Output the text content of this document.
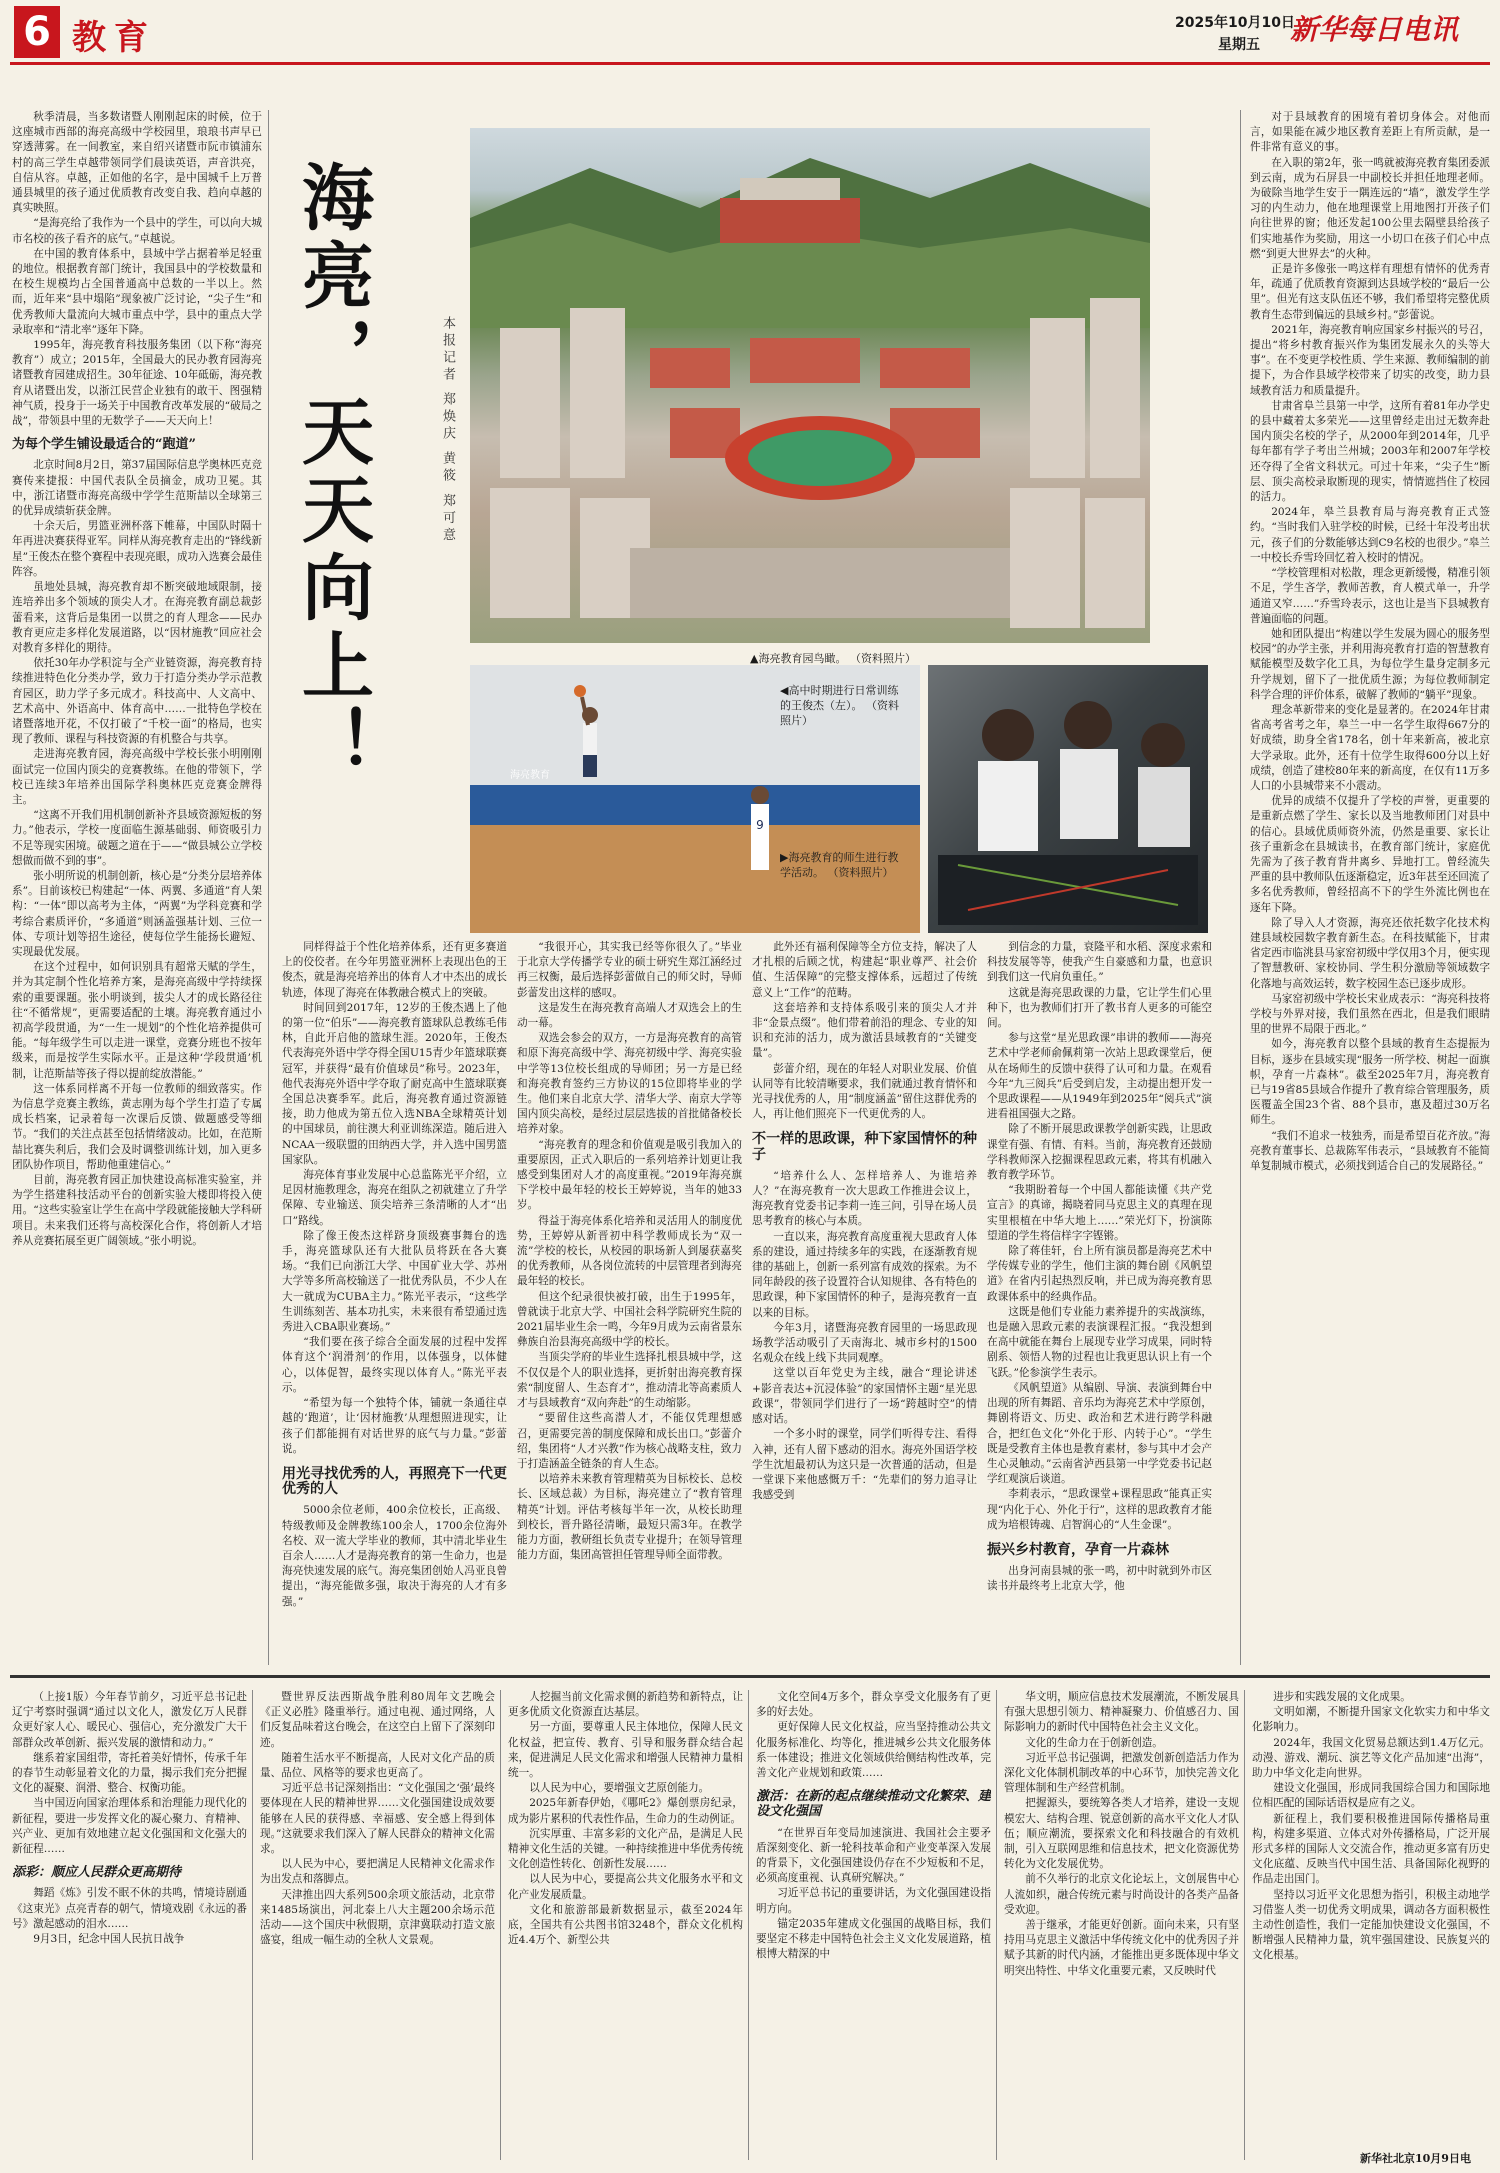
6 教育	2025年10月10日
星期五 新华每日电讯
海亮，天天向上！	本报记者 郑焕庆 黄筱 郑可意

秋季清晨，当多数诸暨人刚刚起床的时候，位于这座城市西部的海亮高级中学校园里，琅琅书声早已穿透薄雾。在一间教室，来自绍兴诸暨市阮市镇浦东村的高三学生卓越带领同学们晨读英语，声音洪亮，自信从容。卓越，正如他的名字，是中国城千上万普通县城里的孩子通过优质教育改变自我、趋向卓越的真实映照。

“是海亮给了我作为一个县中的学生，可以向大城市名校的孩子看齐的底气。”卓越说。

在中国的教育体系中，县域中学占据着举足轻重的地位。根据教育部门统计，我国县中的学校数量和在校生规模均占全国普通高中总数的一半以上。然而，近年来“县中塌陷”现象被广泛讨论，“尖子生”和优秀教师大量流向大城市重点中学，县中的重点大学录取率和“清北率”逐年下降。

1995年，海亮教育科技服务集团（以下称“海亮教育”）成立；2015年，全国最大的民办教育园海亮诸暨教育园建成招生。30年征途、10年砥砺，海亮教育从诸暨出发，以浙江民营企业独有的敢干、图强精神气质，投身于一场关于中国教育改革发展的“破局之战”，带领县中里的无数学子——天天向上！

为每个学生铺设最适合的“跑道”

北京时间8月2日，第37届国际信息学奥林匹克竞赛传来捷报：中国代表队全员摘金，成功卫冕。其中，浙江诸暨市海亮高级中学学生范斯喆以全球第三的优异成绩斩获金牌。

十余天后，男篮亚洲杯落下帷幕，中国队时隔十年再进决赛获得亚军。同样从海亮教育走出的“锋线新星”王俊杰在整个赛程中表现亮眼，成功入选赛会最佳阵容。

虽地处县城，海亮教育却不断突破地域限制，接连培养出多个领域的顶尖人才。在海亮教育副总裁彭蕾看来，这背后是集团一以贯之的育人理念——民办教育更应走多样化发展道路，以“因材施教”回应社会对教育多样化的期待。

依托30年办学积淀与全产业链资源，海亮教育持续推进特色化分类办学，致力于打造分类办学示范教育园区，助力学子多元成才。科技高中、人文高中、艺术高中、外语高中、体育高中……一批特色学校在诸暨落地开花，不仅打破了“千校一面”的格局，也实现了教师、课程与科技资源的有机整合与共享。

走进海亮教育园，海亮高级中学校长张小明刚刚面试完一位国内顶尖的竞赛教练。在他的带领下，学校已连续3年培养出国际学科奥林匹克竞赛金牌得主。

“这离不开我们用机制创新补齐县域资源短板的努力。”他表示，学校一度面临生源基础弱、师资吸引力不足等现实困境。破题之道在于——“做县城公立学校想做而做不到的事”。

张小明所说的机制创新，核心是“分类分层培养体系”。目前该校已构建起“一体、两翼、多通道”育人架构：“一体”即以高考为主体，“两翼”为学科竞赛和学考综合素质评价，“多通道”则涵盖强基计划、三位一体、专项计划等招生途径，使每位学生能扬长避短、实现最优发展。

在这个过程中，如何识别具有超常天赋的学生，并为其定制个性化培养方案，是海亮高级中学持续探索的重要课题。张小明谈到，拔尖人才的成长路径往往“不循常规”，更需要适配的土壤。海亮教育通过小初高学段贯通，为“一生一规划”的个性化培养提供可能。“每年级学生可以走进一课堂，竞赛分班也不按年级来，而是按学生实际水平。正是这种‘学段贯通’机制，让范斯喆等孩子得以提前绽放潜能。”

这一体系同样离不开每一位教师的细致落实。作为信息学竞赛主教练，黄志刚为每个学生打造了专属成长档案，记录着每一次课后反馈、做题感受等细节。“我们的关注点甚至包括情绪波动。比如，在范斯喆比赛失利后，我们会及时调整训练计划，加入更多团队协作项目，帮助他重建信心。”

目前，海亮教育园正加快建设高标准实验室，并为学生搭建科技活动平台的创新实验大楼即将投入使用。“这些实验室让学生在高中学段就能接触大学科研项目。未来我们还将与高校深化合作，将创新人才培养从竞赛拓展至更广阔领域。”张小明说。

▲海亮教育园鸟瞰。 （资料照片）
9
海亮教育
◀高中时期进行日常训练的王俊杰（左）。 （资料照片）
▶海亮教育的师生进行教学活动。 （资料照片）

同样得益于个性化培养体系，还有更多赛道上的佼佼者。在今年男篮亚洲杯上表现出色的王俊杰，就是海亮培养出的体育人才中杰出的成长轨迹，体现了海亮在体教融合模式上的突破。

时间回到2017年，12岁的王俊杰遇上了他的第一位“伯乐”——海亮教育篮球队总教练毛伟林，自此开启他的篮球生涯。2020年，王俊杰代表海亮外语中学夺得全国U15青少年篮球联赛冠军，并获得“最有价值球员”称号。2023年，他代表海亮外语中学夺取了耐克高中生篮球联赛全国总决赛季军。此后，海亮教育通过资源链接，助力他成为第五位入选NBA全球精英计划的中国球员，前往澳大利亚训练深造。随后进入NCAA一级联盟的田纳西大学，并入选中国男篮国家队。

海亮体育事业发展中心总监陈光平介绍，立足因材施教理念，海亮在组队之初就建立了升学保障、专业输送、顶尖培养三条清晰的人才“出口”路线。

除了像王俊杰这样跻身顶级赛事舞台的选手，海亮篮球队还有大批队员将跃在各大赛场。“我们已向浙江大学、中国矿业大学、苏州大学等多所高校输送了一批优秀队员，不少人在大一就成为CUBA主力。”陈光平表示，“这些学生训练刻苦、基本功扎实，未来很有希望通过选秀进入CBA职业赛场。”

“我们要在孩子综合全面发展的过程中发挥体育这个‘润滑剂’的作用，以体强身，以体健心，以体促智，最终实现以体育人。”陈光平表示。

“希望为每一个独特个体，铺就一条通往卓越的‘跑道’，让‘因材施教’从理想照进现实，让孩子们都能拥有对话世界的底气与力量。”彭蕾说。

用光寻找优秀的人，再照亮下一代更优秀的人

5000余位老师，400余位校长，正高级、特级教师及金牌教练100余人，1700余位海外名校、双一流大学毕业的教师，其中清北毕业生百余人……人才是海亮教育的第一生命力，也是海亮快速发展的底气。海亮集团创始人冯亚良曾提出，“海亮能做多强，取决于海亮的人才有多强。”

“我很开心，其实我已经等你很久了。”毕业于北京大学传播学专业的硕士研究生郑江涵经过再三权衡，最后选择彭蕾做自己的师父时，导师彭蕾发出这样的感叹。

这是发生在海亮教育高端人才双选会上的生动一幕。

双选会参会的双方，一方是海亮教育的高管和原下海亮高级中学、海亮初级中学、海亮实验中学等13位校长组成的导师团；另一方是已经和海亮教育签约三方协议的15位即将毕业的学生。他们来自北京大学、清华大学、南京大学等国内顶尖高校，是经过层层选拔的首批储备校长培养对象。

“海亮教育的理念和价值观是吸引我加入的重要原因，正式入职后的一系列培养计划更让我感受到集团对人才的高度重视。”2019年海亮旗下学校中最年轻的校长王婷婷说，当年的她33岁。

得益于海亮体系化培养和灵活用人的制度优势，王婷婷从新晋初中科学教师成长为“双一流”学校的校长，从校园的职场新人到屡获嘉奖的优秀教师，从各岗位流转的中层管理者到海亮最年轻的校长。

但这个纪录很快被打破，出生于1995年，曾就读于北京大学、中国社会科学院研究生院的2021届毕业生余一鸣，今年9月成为云南省景东彝族自治县海亮高级中学的校长。

当顶尖学府的毕业生选择扎根县城中学，这不仅仅是个人的职业选择，更折射出海亮教育探索“制度留人、生态育才”，推动清北等高素质人才与县域教育“双向奔赴”的生动缩影。

“要留住这些高潜人才，不能仅凭理想感召，更需要完善的制度保障和成长出口。”彭蕾介绍，集团将“人才兴教”作为核心战略支柱，致力于打造涵盖全链条的育人生态。

以培养未来教育管理精英为目标校长、总校长、区域总裁）为目标，海亮建立了“教育管理精英”计划。评估考核每半年一次，从校长助理到校长，晋升路径清晰，最短只需3年。在教学能力方面，教研组长负责专业提升；在领导管理能力方面，集团高管担任管理导师全面带教。

此外还有福利保障等全方位支持，解决了人才扎根的后顾之忧，构建起“职业尊严、社会价值、生活保障”的完整支撑体系，远超过了传统意义上“工作”的范畴。

这套培养和支持体系吸引来的顶尖人才并非“金景点缀”。他们带着前沿的理念、专业的知识和充沛的活力，成为激活县域教育的“关键变量”。

彭蕾介绍，现在的年轻人对职业发展、价值认同等有比较清晰要求，我们就通过教育情怀和光寻找优秀的人，用“制度涵盖”留住这群优秀的人，再让他们照亮下一代更优秀的人。

不一样的思政课，种下家国情怀的种子

“培养什么人、怎样培养人、为谁培养人？”在海亮教育一次大思政工作推进会议上，海亮教育党委书记李莉一连三问，引导在场人员思考教育的核心与本质。

一直以来，海亮教育高度重视大思政育人体系的建设，通过持续多年的实践，在逐渐教育规律的基础上，创新一系列富有成效的探索。为不同年龄段的孩子设置符合认知规律、各有特色的思政课，种下家国情怀的种子，是海亮教育一直以来的目标。

今年3月，诸暨海亮教育园里的一场思政现场教学活动吸引了天南海北、城市乡村的1500名观众在线上线下共同观摩。

这堂以百年党史为主线，融合“理论讲述+影音表达+沉浸体验”的家国情怀主题“星光思政课”，带领同学们进行了一场“跨越时空”的情感对话。

一个多小时的课堂，同学们听得专注、看得入神，还有人留下感动的泪水。海亮外国语学校学生沈旭最初认为这只是一次普通的活动，但是一堂课下来他感慨万千：“先辈们的努力追寻让我感受到

到信念的力量，衰隆平和水稻、深度求索和科技发展等等，使我产生自豪感和力量，也意识到我们这一代肩负重任。”

这就是海亮思政课的力量，它让学生们心里种下，也为教师们打开了教书育人更多的可能空间。

参与这堂“星光思政课”串讲的教师——海亮艺术中学老师俞佩莉第一次站上思政课堂后，便从在场师生的反馈中获得了认可和力量。在观看今年“九三阅兵”后受到启发，主动提出想开发一个思政课程——从1949年到2025年“阅兵式”演进看祖国强大之路。

除了不断开展思政课教学创新实践，让思政课堂有强、有情、有料。当前，海亮教育还鼓励学科教师深入挖掘课程思政元素，将其有机融入教育教学环节。

“我期盼着每一个中国人都能读懂《共产党宣言》的真谛，揭晓着同马克思主义的真理在现实里根植在中华大地上……”荣光灯下，扮演陈望道的学生将信样字字铿锵。

除了蒋佳轩，台上所有演员都是海亮艺术中学传媒专业的学生，他们主演的舞台剧《风帆望道》在省内引起热烈反响，并已成为海亮教育思政课体系中的经典作品。

这既是他们专业能力素养提升的实战演练，也是融入思政元素的表演课程汇报。“我没想到在高中就能在舞台上展现专业学习成果，同时特剧系、领悟人物的过程也让我更思认识上有一个飞跃。”伦参演学生表示。

《风帆望道》从编剧、导演、表演到舞台中出现的所有舞蹈、音乐均为海亮艺术中学原创，舞剧将语文、历史、政治和艺术进行跨学科融合，把红色文化“外化于形、内转于心”。“学生既是受教育主体也是教育素材，参与其中才会产生心灵触动。”云南省泸西县第一中学党委书记赵学红观演后谈道。

李莉表示，“思政课堂+课程思政”能真正实现“内化于心、外化于行”，这样的思政教育才能成为培根铸魂、启智润心的“人生金课”。

振兴乡村教育，孕育一片森林

出身河南县城的张一鸣，初中时就到外市区读书并最终考上北京大学，他

对于县域教育的困境有着切身体会。对他而言，如果能在减少地区教育差距上有所贡献，是一件非常有意义的事。

在入职的第2年，张一鸣就被海亮教育集团委派到云南，成为石屏县一中副校长并担任地理老师。为破除当地学生安于一隅连远的“墙”，激发学生学习的内生动力，他在地理课堂上用地图打开孩子们向往世界的窗；他还发起100公里去隔壁县给孩子们实地基作为奖励，用这一小切口在孩子们心中点燃“到更大世界去”的火种。

正是许多像张一鸣这样有理想有情怀的优秀青年，疏通了优质教育资源到达县域学校的“最后一公里”。但光有这支队伍还不够，我们希望将完整优质教育生态带到偏远的县域乡村。”彭蕾说。

2021年，海亮教育响应国家乡村振兴的号召，提出“将乡村教育振兴作为集团发展永久的头等大事”。在不变更学校性质、学生来源、教师编制的前提下，为合作县域学校带来了切实的改变，助力县域教育活力和质量提升。

甘肃省阜兰县第一中学，这所有着81年办学史的县中藏着太多荣光——这里曾经走出过无数奔赴国内顶尖名校的学子，从2000年到2014年，几乎每年都有学子考出兰州城；2003年和2007年学校还夺得了全省文科状元。可过十年来，“尖子生”断层、顶尖高校录取断现的现实，情情遮挡住了校园的活力。

2024年，皋兰县教育局与海亮教育正式签约。“当时我们入驻学校的时候，已经十年没考出状元，孩子们的分数能够达到C9名校的也很少。”皋兰一中校长乔雪玲回忆着入校时的情况。

“学校管理相对松散，理念更新缓慢，精准引领不足，学生吝学，教师苦教，育人模式单一，升学通道又窄……”乔雪玲表示，这也让是当下县城教育普遍面临的问题。

她和团队提出“构建以学生发展为圆心的服务型校园”的办学主张，并利用海亮教育打造的智慧教育赋能模型及数字化工具，为每位学生量身定制多元升学规划，留下了一批优质生源；为每位教师制定科学合理的评价体系，破解了教师的“躺平”现象。

理念革新带来的变化是显著的。在2024年甘肃省高考省考之年，皋兰一中一名学生取得667分的好成绩，助身全省178名，创十年来新高，被北京大学录取。此外，还有十位学生取得600分以上好成绩，创造了建校80年来的新高度，在仅有11万多人口的小县城带来不小震动。

优异的成绩不仅提升了学校的声誉，更重要的是重新点燃了学生、家长以及当地教师团门对县中的信心。县域优质师资外流，仍然是重要、家长让孩子重新念在县城读书，在教育部门统计，家庭优先需为了孩子教育背井离乡、异地打工。曾经流失严重的县中教师队伍逐渐稳定，近3年甚至还回流了多名优秀教师，曾经招高不下的学生外流比例也在逐年下降。

除了导入人才资源，海亮还依托数字化技术构建县域校园数字教育新生态。在科技赋能下，甘肃省定西市临洮县马家窑初级中学仅用3个月，便实现了智慧教研、家校协同、学生积分激励等领域数字化落地与高效运转，数字校园生态已逐步成形。

马家窑初级中学校长宋业成表示：“海亮科技将学校与外界对接，我们虽然在西北，但是我们眼睛里的世界不局限于西北。”

如今，海亮教育以整个县域的教育生态提振为目标，逐步在县域实现“服务一所学校、树起一面旗帜，孕育一片森林”。截至2025年7月，海亮教育已与19省85县域合作提升了教育综合管理服务，质医覆盖全国23个省、88个县市，惠及超过30万名师生。

“我们不追求一枝独秀，而是希望百花齐放。”海亮教育董事长、总裁陈军伟表示，“县域教育不能简单复制城市模式，必须找到适合自己的发展路径。”

（上接1版）今年春节前夕，习近平总书记赴辽宁考察时强调“通过以文化人，激发亿万人民群众更好家人心、暖民心、强信心，充分激发广大干部群众改革创新、振兴发展的激情和动力。”

继系着家国组带，寄托着美好情怀，传承千年的春节生动彰显着文化的力量，揭示我们充分把握文化的凝聚、润滑、整合、权衡功能。

当中国迈向国家治理体系和治理能力现代化的新征程，要进一步发挥文化的凝心聚力、育精神、兴产业、更加有效地建立起文化强国和文化强大的新征程……

添彩：顺应人民群众更高期待

舞蹈《炼》引发不眠不休的共鸣，情境诗剧通《这束光》点亮青春的朝气，情境戏剧《永远的番号》激起感动的泪水……

9月3日，纪念中国人民抗日战争

暨世界反法西斯战争胜利80周年文艺晚会《正义必胜》隆重举行。通过电视、通过网络，人们反复品味着这台晚会，在这空白上留下了深刻印迹。

随着生活水平不断提高，人民对文化产品的质量、品位、风格等的要求也更高了。

习近平总书记深刻指出：“文化强国之‘强’最终要体现在人民的精神世界……文化强国建设成效要能够在人民的获得感、幸福感、安全感上得到体现。”这就要求我们深入了解人民群众的精神文化需求。

以人民为中心，要把满足人民精神文化需求作为出发点和落脚点。

天津推出四大系列500余项文旅活动，北京带来1485场演出，河北泰上八大主题200余场示范活动——这个国庆中秋假期，京津冀联动打造文旅盛宴，组成一幅生动的全秋人文景观。

人挖掘当前文化需求侧的新趋势和新特点，让更多优质文化资源直达基层。

另一方面，要尊重人民主体地位，保障人民文化权益，把宣传、教育、引导和服务群众结合起来，促进满足人民文化需求和增强人民精神力量相统一。

以人民为中心，要增强文艺原创能力。

2025年新春伊始，《哪吒2》爆创票房纪录，成为影片累积的代表性作品，生命力的生动例证。

沉实厚重、丰富多彩的文化产品，是满足人民精神文化生活的关键。一种持续推进中华优秀传统文化创造性转化、创新性发展……

以人民为中心，要提高公共文化服务水平和文化产业发展质量。

文化和旅游部最新数据显示，截至2024年底，全国共有公共图书馆3248个，群众文化机构近4.4万个、新型公共

文化空间4万多个，群众享受文化服务有了更多的好去处。

更好保障人民文化权益，应当坚持推动公共文化服务标准化、均等化，推进城乡公共文化服务体系一体建设；推进文化领域供给侧结构性改革，完善文化产业规划和政策……

激活：在新的起点继续推动文化繁荣、建设文化强国

“在世界百年变局加速演进、我国社会主要矛盾深刻变化、新一轮科技革命和产业变革深入发展的背景下，文化强国建设仍存在不少短板和不足，必须高度重视、认真研究解决。”

习近平总书记的重要讲话，为文化强国建设指明方向。

锚定2035年建成文化强国的战略目标，我们要坚定不移走中国特色社会主义文化发展道路，植根博大精深的中

华文明，顺应信息技术发展潮流，不断发展具有强大思想引领力、精神凝聚力、价值感召力、国际影响力的新时代中国特色社会主义文化。

文化的生命力在于创新创造。

习近平总书记强调，把激发创新创造活力作为深化文化体制机制改革的中心环节，加快完善文化管理体制和生产经营机制。

把握源头，要统筹各类人才培养，建设一支规模宏大、结构合理、锐意创新的高水平文化人才队伍；顺应潮流，要探索文化和科技融合的有效机制，引入互联网思维和信息技术，把文化资源优势转化为文化发展优势。

前不久举行的北京文化论坛上，文创展售中心人流如织，融合传统元素与时尚设计的各类产品备受欢迎。

善于继承，才能更好创新。面向未来，只有坚持用马克思主义激活中华传统文化中的优秀因子并赋予其新的时代内涵，才能推出更多既体现中华文明突出特性、中华文化重要元素，又反映时代

进步和实践发展的文化成果。

文明如潮，不断提升国家文化软实力和中华文化影响力。

2024年，我国文化贸易总额达到1.4万亿元。动漫、游戏、潮玩、演艺等文化产品加速“出海”，助力中华文化走向世界。

建设文化强国，形成同我国综合国力和国际地位相匹配的国际话语权是应有之义。

新征程上，我们要积极推进国际传播格局重构，构建多渠道、立体式对外传播格局，广泛开展形式多样的国际人文交流合作，推动更多富有历史文化底蕴、反映当代中国生活、具备国际化视野的作品走出国门。

坚持以习近平文化思想为指引，积极主动地学习借鉴人类一切优秀文明成果，调动各方面积极性主动性创造性，我们一定能加快建设文化强国，不断增强人民精神力量，筑牢强国建设、民族复兴的文化根基。

新华社北京10月9日电
